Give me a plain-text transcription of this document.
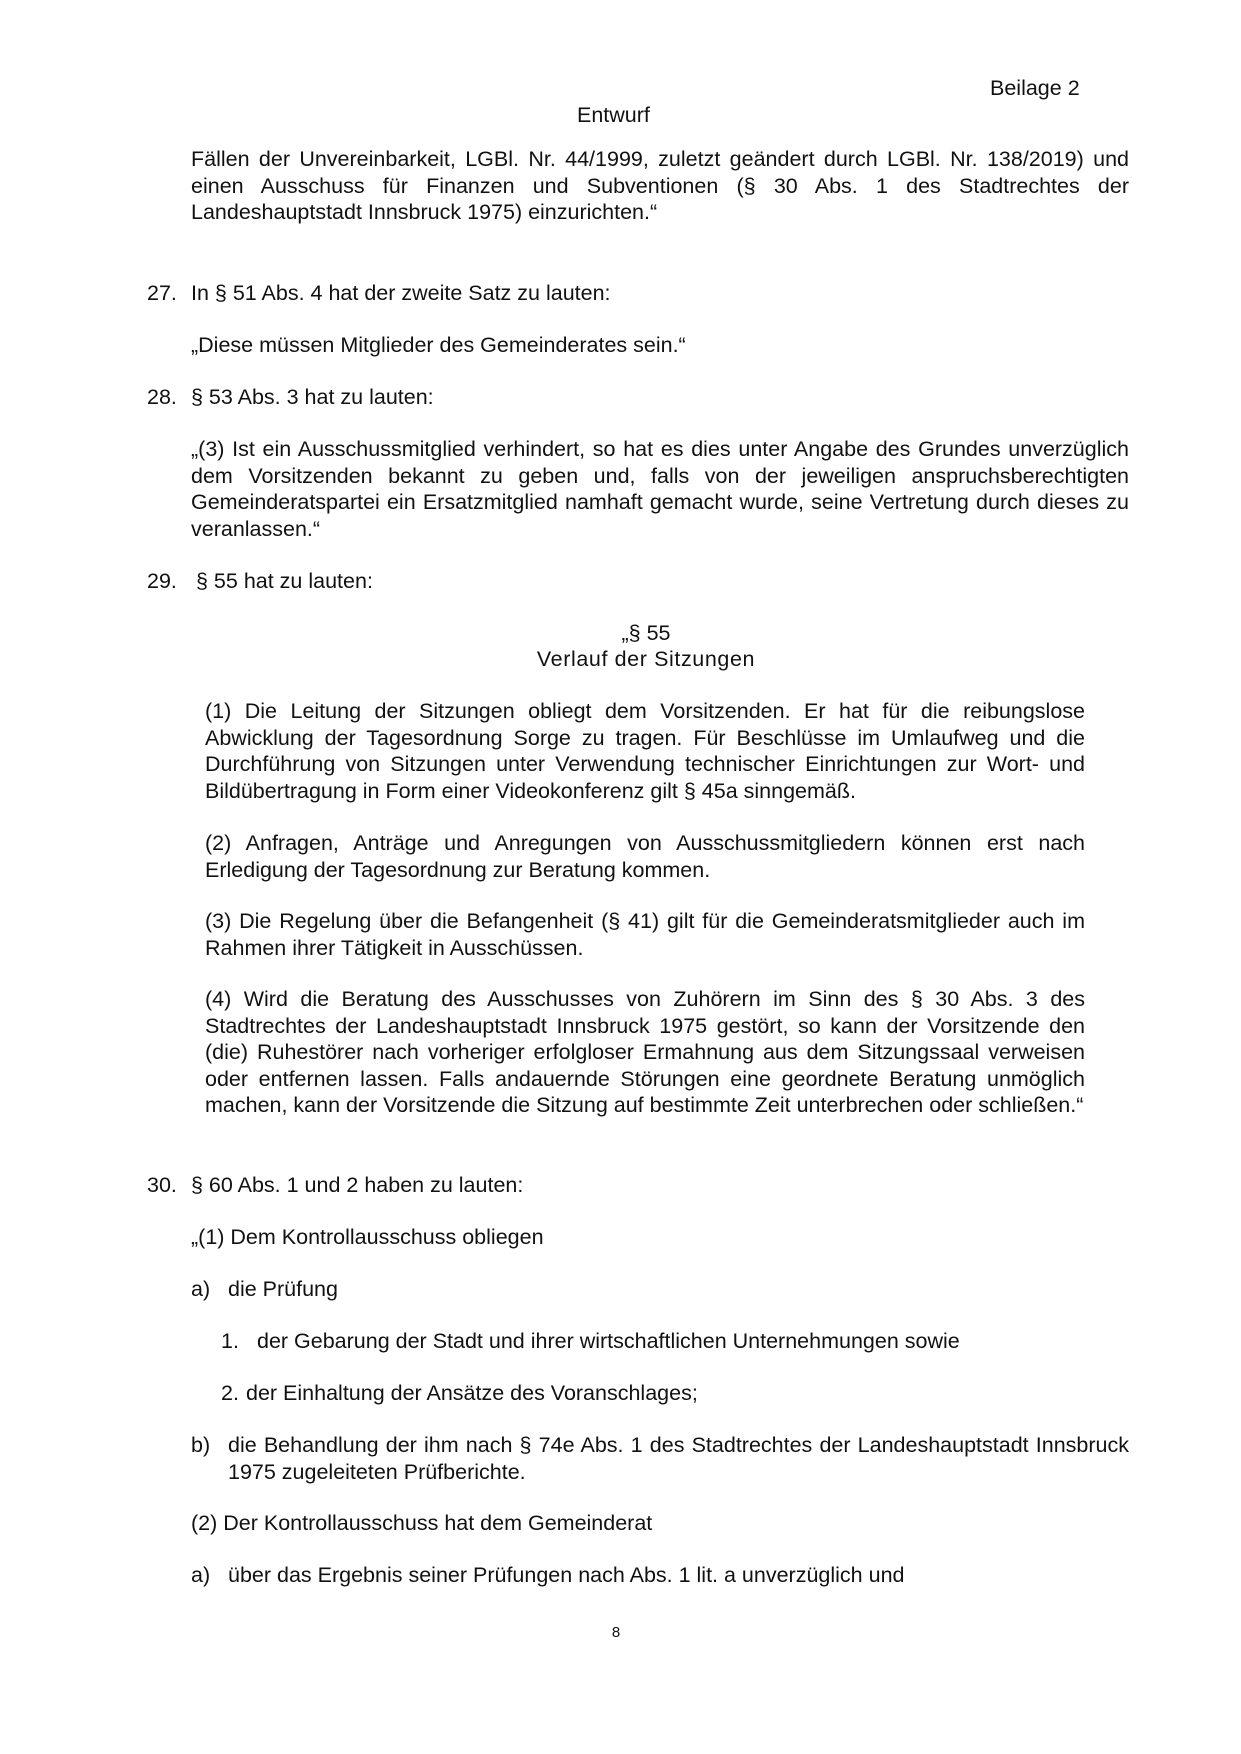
Beilage 2
Entwurf

Fällen der Unvereinbarkeit, LGBl. Nr. 44/1999, zuletzt geändert durch LGBl. Nr. 138/2019) und einen Ausschuss für Finanzen und Subventionen (§ 30 Abs. 1 des Stadtrechtes der Landeshauptstadt Innsbruck 1975) einzurichten.“

27. In § 51 Abs. 4 hat der zweite Satz zu lauten:
„Diese müssen Mitglieder des Gemeinderates sein.“
28. § 53 Abs. 3 hat zu lauten:

„(3) Ist ein Ausschussmitglied verhindert, so hat es dies unter Angabe des Grundes unverzüglich dem Vorsitzenden bekannt zu geben und, falls von der jeweiligen anspruchsberechtigten Gemeinderatspartei ein Ersatzmitglied namhaft gemacht wurde, seine Vertretung durch dieses zu veranlassen.“

29. § 55 hat zu lauten:
„§ 55
Verlauf der Sitzungen

(1) Die Leitung der Sitzungen obliegt dem Vorsitzenden. Er hat für die reibungslose Abwicklung der Tagesordnung Sorge zu tragen. Für Beschlüsse im Umlaufweg und die Durchführung von Sitzungen unter Verwendung technischer Einrichtungen zur Wort- und Bildübertragung in Form einer Videokonferenz gilt § 45a sinngemäß.

(2) Anfragen, Anträge und Anregungen von Ausschussmitgliedern können erst nach Erledigung der Tagesordnung zur Beratung kommen.

(3) Die Regelung über die Befangenheit (§ 41) gilt für die Gemeinderatsmitglieder auch im Rahmen ihrer Tätigkeit in Ausschüssen.

(4) Wird die Beratung des Ausschusses von Zuhörern im Sinn des § 30 Abs. 3 des Stadtrechtes der Landeshauptstadt Innsbruck 1975 gestört, so kann der Vorsitzende den (die) Ruhestörer nach vorheriger erfolgloser Ermahnung aus dem Sitzungssaal verweisen oder entfernen lassen. Falls andauernde Störungen eine geordnete Beratung unmöglich machen, kann der Vorsitzende die Sitzung auf bestimmte Zeit unterbrechen oder schließen.“

30. § 60 Abs. 1 und 2 haben zu lauten:
„(1) Dem Kontrollausschuss obliegen
a) die Prüfung
1. der Gebarung der Stadt und ihrer wirtschaftlichen Unternehmungen sowie
2. der Einhaltung der Ansätze des Voranschlages;
b) die Behandlung der ihm nach § 74e Abs. 1 des Stadtrechtes der Landeshauptstadt Innsbruck 1975 zugeleiteten Prüfberichte.

(2) Der Kontrollausschuss hat dem Gemeinderat
a) über das Ergebnis seiner Prüfungen nach Abs. 1 lit. a unverzüglich und
8
